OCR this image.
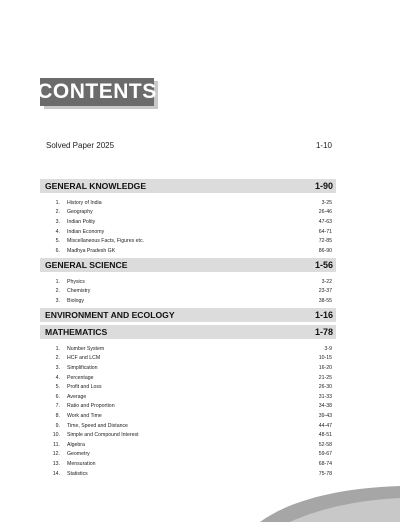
CONTENTS
Solved Paper 2025	1-10
GENERAL KNOWLEDGE	1-90
1.	History of India	3-25
2.	Geography	26-46
3.	Indian Polity	47-63
4.	Indian Economy	64-71
5.	Miscellaneous Facts, Figures etc.	72-85
6.	Madhya Pradesh GK	86-90
GENERAL SCIENCE	1-56
1.	Physics	3-22
2.	Chemistry	23-37
3.	Biology	38-55
ENVIRONMENT AND ECOLOGY	1-16
MATHEMATICS	1-78
1.	Number System	3-9
2.	HCF and LCM	10-15
3.	Simplification	16-20
4.	Percentage	21-25
5.	Profit and Loss	26-30
6.	Average	31-33
7.	Ratio and Proportion	34-38
8.	Work and Time	39-43
9.	Time, Speed and Distance	44-47
10.	Simple and Compound Interest	48-51
11.	Algebra	52-58
12.	Geometry	59-67
13.	Mensuration	68-74
14.	Statistics	75-78
